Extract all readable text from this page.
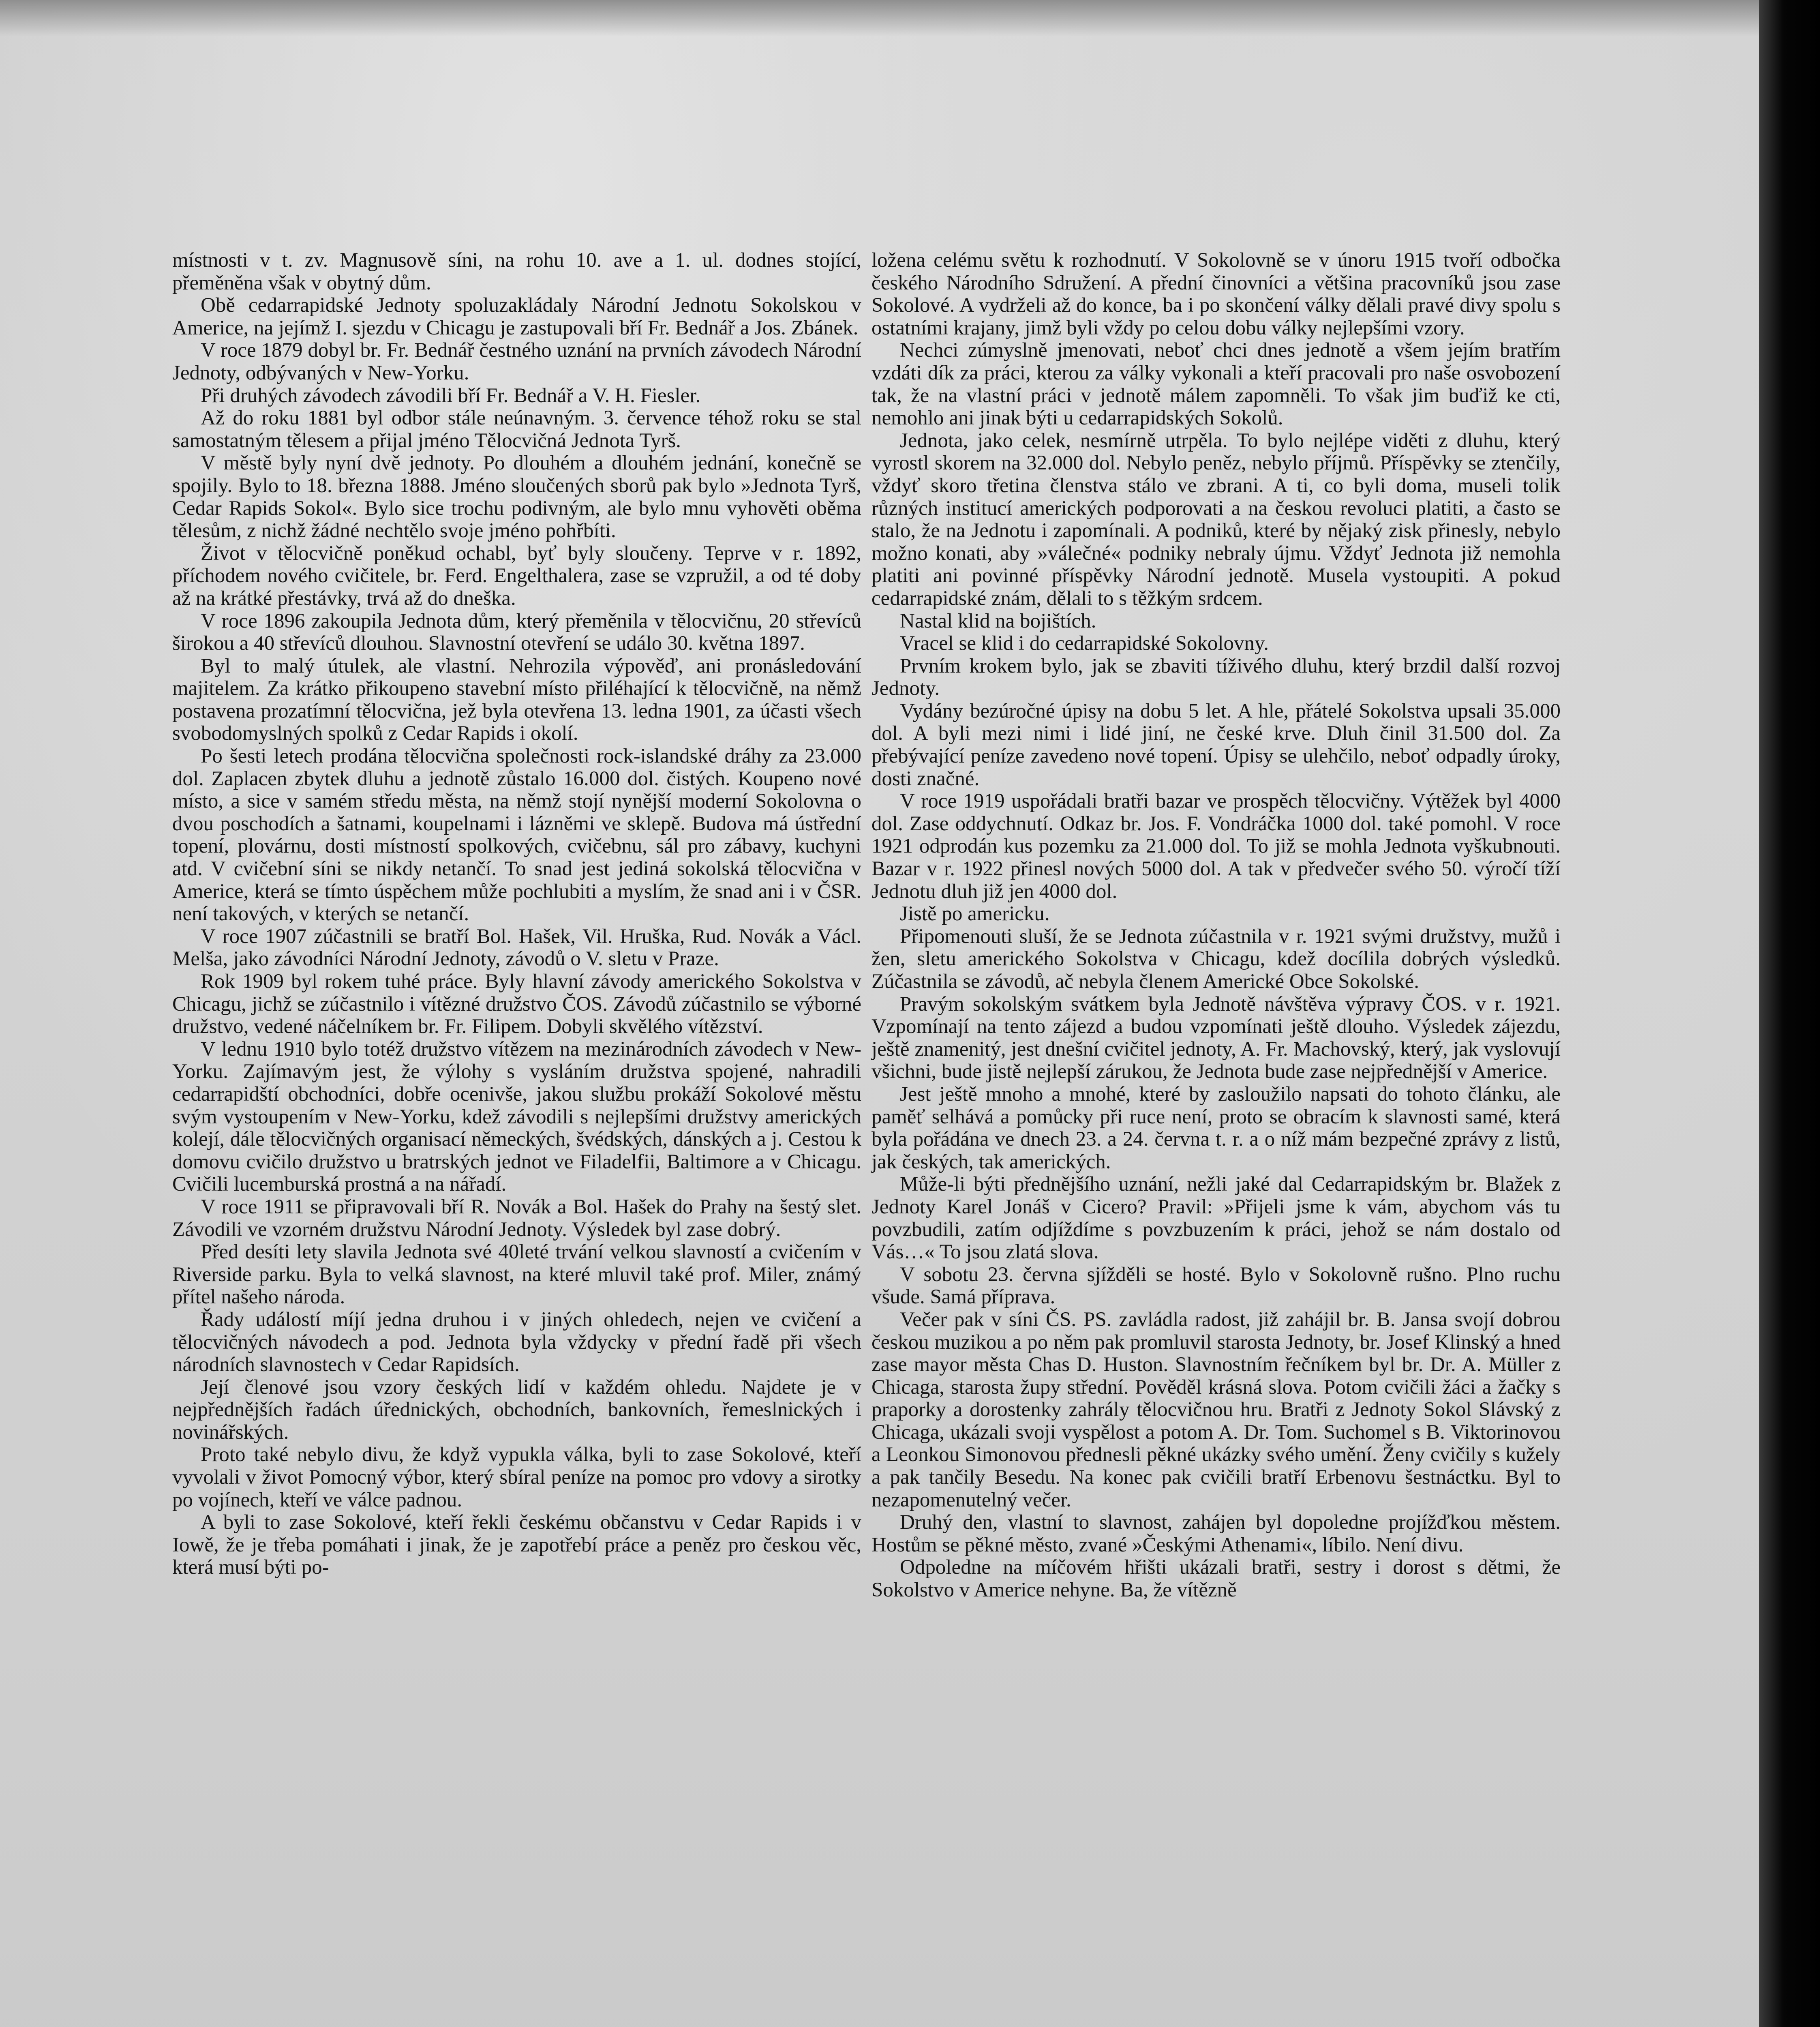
místnosti v t. zv. Magnusově síni, na rohu 10. ave a 1. ul. dodnes stojící, přeměněna však v obytný dům.

Obě cedarrapidské Jednoty spoluzakládaly Národní Jednotu Sokolskou v Americe, na jejímž I. sjezdu v Chicagu je zastupovali bří Fr. Bednář a Jos. Zbánek.

V roce 1879 dobyl br. Fr. Bednář čestného uznání na prvních závodech Národní Jednoty, odbývaných v New-Yorku.

Při druhých závodech závodili bří Fr. Bednář a V. H. Fiesler.

Až do roku 1881 byl odbor stále neúnavným. 3. července téhož roku se stal samostatným tělesem a přijal jméno Tělocvičná Jednota Tyrš.

V městě byly nyní dvě jednoty. Po dlouhém a dlouhém jednání, konečně se spojily. Bylo to 18. března 1888. Jméno sloučených sborů pak bylo »Jednota Tyrš, Cedar Rapids Sokol«. Bylo sice trochu podivným, ale bylo mnu vyhověti oběma tělesům, z nichž žádné nechtělo svoje jméno pohřbíti.

Život v tělocvičně poněkud ochabl, byť byly sloučeny. Teprve v r. 1892, příchodem nového cvičitele, br. Ferd. Engelthalera, zase se vzpružil, a od té doby až na krátké přestávky, trvá až do dneška.

V roce 1896 zakoupila Jednota dům, který přeměnila v tělocvičnu, 20 střevíců širokou a 40 střevíců dlouhou. Slavnostní otevření se událo 30. května 1897.

Byl to malý útulek, ale vlastní. Nehrozila výpověď, ani pronásledování majitelem. Za krátko přikoupeno stavební místo přiléhající k tělocvičně, na němž postavena prozatímní tělocvična, jež byla otevřena 13. ledna 1901, za účasti všech svobodomyslných spolků z Cedar Rapids i okolí.

Po šesti letech prodána tělocvična společnosti rock-islandské dráhy za 23.000 dol. Zaplacen zbytek dluhu a jednotě zůstalo 16.000 dol. čistých. Koupeno nové místo, a sice v samém středu města, na němž stojí nynější moderní Sokolovna o dvou poschodích a šatnami, koupelnami i lázněmi ve sklepě. Budova má ústřední topení, plovárnu, dosti místností spolkových, cvičebnu, sál pro zábavy, kuchyni atd. V cvičební síni se nikdy netančí. To snad jest jediná sokolská tělocvična v Americe, která se tímto úspěchem může pochlubiti a myslím, že snad ani i v ČSR. není takových, v kterých se netančí.

V roce 1907 zúčastnili se bratří Bol. Hašek, Vil. Hruška, Rud. Novák a Václ. Melša, jako závodníci Národní Jednoty, závodů o V. sletu v Praze.

Rok 1909 byl rokem tuhé práce. Byly hlavní závody amerického Sokolstva v Chicagu, jichž se zúčastnilo i vítězné družstvo ČOS. Závodů zúčastnilo se výborné družstvo, vedené náčelníkem br. Fr. Filipem. Dobyli skvělého vítězství.

V lednu 1910 bylo totéž družstvo vítězem na mezinárodních závodech v New-Yorku. Zajímavým jest, že výlohy s vysláním družstva spojené, nahradili cedarrapidští obchodníci, dobře ocenivše, jakou službu prokáží Sokolové městu svým vystoupením v New-Yorku, kdež závodili s nejlepšími družstvy amerických kolejí, dále tělocvičných organisací německých, švédských, dánských a j. Cestou k domovu cvičilo družstvo u bratrských jednot ve Filadelfii, Baltimore a v Chicagu. Cvičili lucemburská prostná a na nářadí.

V roce 1911 se připravovali bří R. Novák a Bol. Hašek do Prahy na šestý slet. Závodili ve vzorném družstvu Národní Jednoty. Výsledek byl zase dobrý.

Před desíti lety slavila Jednota své 40leté trvání velkou slavností a cvičením v Riverside parku. Byla to velká slavnost, na které mluvil také prof. Miler, známý přítel našeho národa.

Řady událostí míjí jedna druhou i v jiných ohledech, nejen ve cvičení a tělocvičných návodech a pod. Jednota byla vždycky v přední řadě při všech národních slavnostech v Cedar Rapidsích.

Její členové jsou vzory českých lidí v každém ohledu. Najdete je v nejpřednějších řadách úřednických, obchodních, bankovních, řemeslnických i novinářských.

Proto také nebylo divu, že když vypukla válka, byli to zase Sokolové, kteří vyvolali v život Pomocný výbor, který sbíral peníze na pomoc pro vdovy a sirotky po vojínech, kteří ve válce padnou.

A byli to zase Sokolové, kteří řekli českému občanstvu v Cedar Rapids i v Iowě, že je třeba pomáhati i jinak, že je zapotřebí práce a peněz pro českou věc, která musí býti po-

ložena celému světu k rozhodnutí. V Sokolovně se v únoru 1915 tvoří odbočka českého Národního Sdružení. A přední činovníci a většina pracovníků jsou zase Sokolové. A vydrželi až do konce, ba i po skončení války dělali pravé divy spolu s ostatními krajany, jimž byli vždy po celou dobu války nejlepšími vzory.

Nechci zúmyslně jmenovati, neboť chci dnes jednotě a všem jejím bratřím vzdáti dík za práci, kterou za války vykonali a kteří pracovali pro naše osvobození tak, že na vlastní práci v jednotě málem zapomněli. To však jim buďiž ke cti, nemohlo ani jinak býti u cedarrapidských Sokolů.

Jednota, jako celek, nesmírně utrpěla. To bylo nejlépe viděti z dluhu, který vyrostl skorem na 32.000 dol. Nebylo peněz, nebylo příjmů. Příspěvky se ztenčily, vždyť skoro třetina členstva stálo ve zbrani. A ti, co byli doma, museli tolik různých institucí amerických podporovati a na českou revoluci platiti, a často se stalo, že na Jednotu i zapomínali. A podniků, které by nějaký zisk přinesly, nebylo možno konati, aby »válečné« podniky nebraly újmu. Vždyť Jednota již nemohla platiti ani povinné příspěvky Národní jednotě. Musela vystoupiti. A pokud cedarrapidské znám, dělali to s těžkým srdcem.

Nastal klid na bojištích.

Vracel se klid i do cedarrapidské Sokolovny.

Prvním krokem bylo, jak se zbaviti tíživého dluhu, který brzdil další rozvoj Jednoty.

Vydány bezúročné úpisy na dobu 5 let. A hle, přátelé Sokolstva upsali 35.000 dol. A byli mezi nimi i lidé jiní, ne české krve. Dluh činil 31.500 dol. Za přebývající peníze zavedeno nové topení. Úpisy se ulehčilo, neboť odpadly úroky, dosti značné.

V roce 1919 uspořádali bratři bazar ve prospěch tělocvičny. Výtěžek byl 4000 dol. Zase oddychnutí. Odkaz br. Jos. F. Vondráčka 1000 dol. také pomohl. V roce 1921 odprodán kus pozemku za 21.000 dol. To již se mohla Jednota vyškubnouti. Bazar v r. 1922 přinesl nových 5000 dol. A tak v předvečer svého 50. výročí tíží Jednotu dluh již jen 4000 dol.

Jistě po americku.

Připomenouti sluší, že se Jednota zúčastnila v r. 1921 svými družstvy, mužů i žen, sletu amerického Sokolstva v Chicagu, kdež docílila dobrých výsledků. Zúčastnila se závodů, ač nebyla členem Americké Obce Sokolské.

Pravým sokolským svátkem byla Jednotě návštěva výpravy ČOS. v r. 1921. Vzpomínají na tento zájezd a budou vzpomínati ještě dlouho. Výsledek zájezdu, ještě znamenitý, jest dnešní cvičitel jednoty, A. Fr. Machovský, který, jak vyslovují všichni, bude jistě nejlepší zárukou, že Jednota bude zase nejpřednější v Americe.

Jest ještě mnoho a mnohé, které by zasloužilo napsati do tohoto článku, ale paměť selhává a pomůcky při ruce není, proto se obracím k slavnosti samé, která byla pořádána ve dnech 23. a 24. června t. r. a o níž mám bezpečné zprávy z listů, jak českých, tak amerických.

Může-li býti přednějšího uznání, nežli jaké dal Cedarrapidským br. Blažek z Jednoty Karel Jonáš v Cicero? Pravil: »Přijeli jsme k vám, abychom vás tu povzbudili, zatím odjíždíme s povzbuzením k práci, jehož se nám dostalo od Vás…« To jsou zlatá slova.

V sobotu 23. června sjížděli se hosté. Bylo v Sokolovně rušno. Plno ruchu všude. Samá příprava.

Večer pak v síni ČS. PS. zavládla radost, již zahájil br. B. Jansa svojí dobrou českou muzikou a po něm pak promluvil starosta Jednoty, br. Josef Klinský a hned zase mayor města Chas D. Huston. Slavnostním řečníkem byl br. Dr. A. Müller z Chicaga, starosta župy střední. Pověděl krásná slova. Potom cvičili žáci a žačky s praporky a dorostenky zahrály tělocvičnou hru. Bratři z Jednoty Sokol Slávský z Chicaga, ukázali svoji vyspělost a potom A. Dr. Tom. Suchomel s B. Viktorinovou a Leonkou Simonovou přednesli pěkné ukázky svého umění. Ženy cvičily s kužely a pak tančily Besedu. Na konec pak cvičili bratří Erbenovu šestnáctku. Byl to nezapomenutelný večer.

Druhý den, vlastní to slavnost, zahájen byl dopoledne projížďkou městem. Hostům se pěkné město, zvané »Českými Athenami«, líbilo. Není divu.

Odpoledne na míčovém hřišti ukázali bratři, sestry i dorost s dětmi, že Sokolstvo v Americe nehyne. Ba, že vítězně
